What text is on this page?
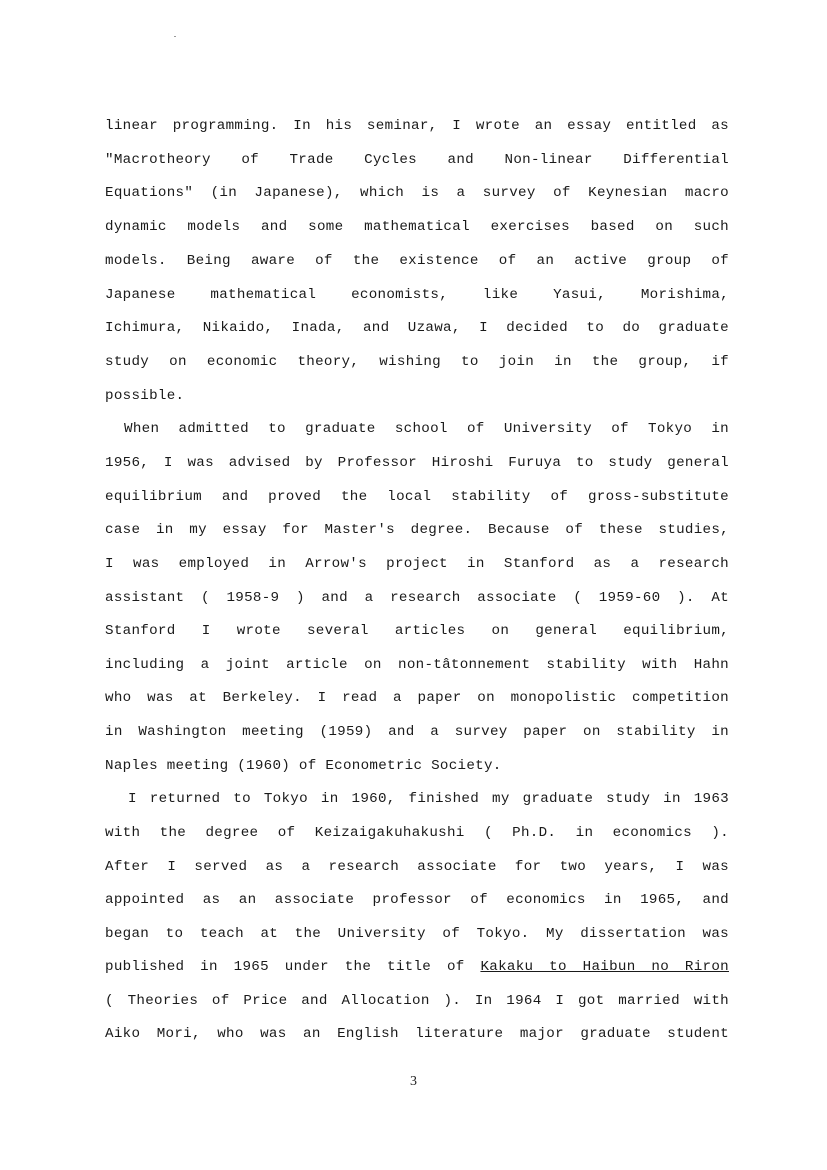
linear programming. In his seminar, I wrote an essay entitled as
"Macrotheory of Trade Cycles and Non-linear Differential
Equations" (in Japanese), which is a survey of Keynesian macro
dynamic models and some mathematical exercises based on such
models. Being aware of the existence of an active group of
Japanese mathematical economists, like Yasui, Morishima,
Ichimura, Nikaido, Inada, and Uzawa, I decided to do graduate
study on economic theory, wishing to join in the group, if
possible.
When admitted to graduate school of University of Tokyo in
1956, I was advised by Professor Hiroshi Furuya to study general
equilibrium and proved the local stability of gross-substitute
case in my essay for Master's degree. Because of these studies,
I was employed in Arrow's project in Stanford as a research
assistant ( 1958-9 ) and a research associate ( 1959-60 ). At
Stanford I wrote several articles on general equilibrium,
including a joint article on non-tâtonnement stability with Hahn
who was at Berkeley. I read a paper on monopolistic competition
in Washington meeting (1959) and a survey paper on stability in
Naples meeting (1960) of Econometric Society.
I returned to Tokyo in 1960, finished my graduate study in 1963
with the degree of Keizaigakuhakushi ( Ph.D. in economics ).
After I served as a research associate for two years, I was
appointed as an associate professor of economics in 1965, and
began to teach at the University of Tokyo. My dissertation was
published in 1965 under the title of Kakaku to Haibun no Riron
( Theories of Price and Allocation ). In 1964 I got married with
Aiko Mori, who was an English literature major graduate student
3
